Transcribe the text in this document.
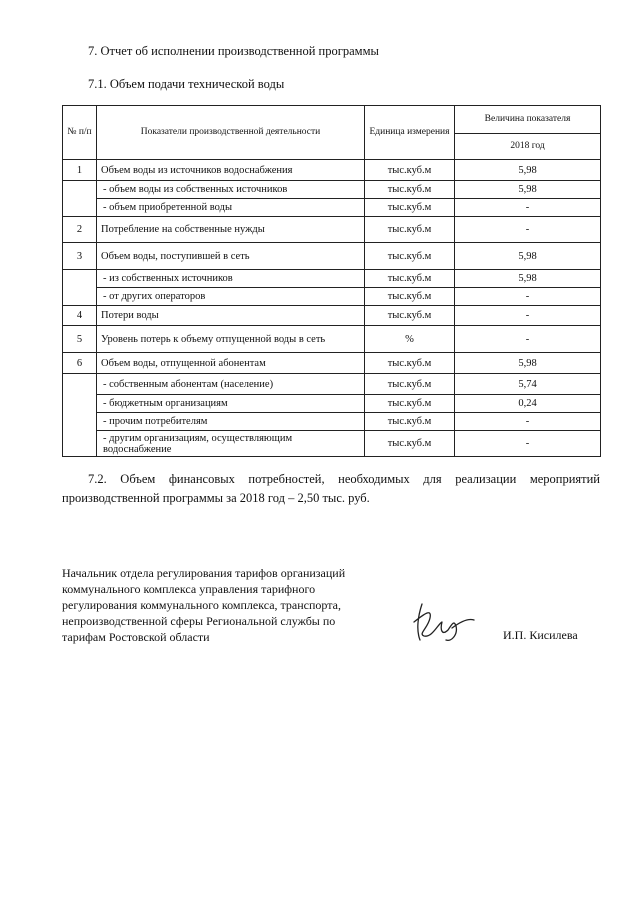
7. Отчет об исполнении производственной программы
7.1. Объем подачи технической воды
№ п/п	Показатели производственной деятельности	Единица измерения	Величина показателя
			2018 год
1	Объем воды из источников водоснабжения	тыс.куб.м	5,98
	- объем воды из собственных источников	тыс.куб.м	5,98
	- объем приобретенной воды	тыс.куб.м	-
2	Потребление на собственные нужды	тыс.куб.м	-
3	Объем воды, поступившей в сеть	тыс.куб.м	5,98
	- из собственных источников	тыс.куб.м	5,98
	- от других операторов	тыс.куб.м	-
4	Потери воды	тыс.куб.м	-
5	Уровень потерь к объему отпущенной воды в сеть	%	-
6	Объем воды, отпущенной абонентам	тыс.куб.м	5,98
	- собственным абонентам (население)	тыс.куб.м	5,74
	- бюджетным организациям	тыс.куб.м	0,24
	- прочим потребителям	тыс.куб.м	-
	- другим организациям, осуществляющим водоснабжение	тыс.куб.м	-
7.2. Объем финансовых потребностей, необходимых для реализации мероприятий
производственной программы за 2018 год – 2,50 тыс. руб.
Начальник отдела регулирования тарифов организаций
коммунального комплекса управления тарифного
регулирования коммунального комплекса, транспорта,
непроизводственной сферы Региональной службы по
тарифам Ростовской области	И.П. Кисилева
